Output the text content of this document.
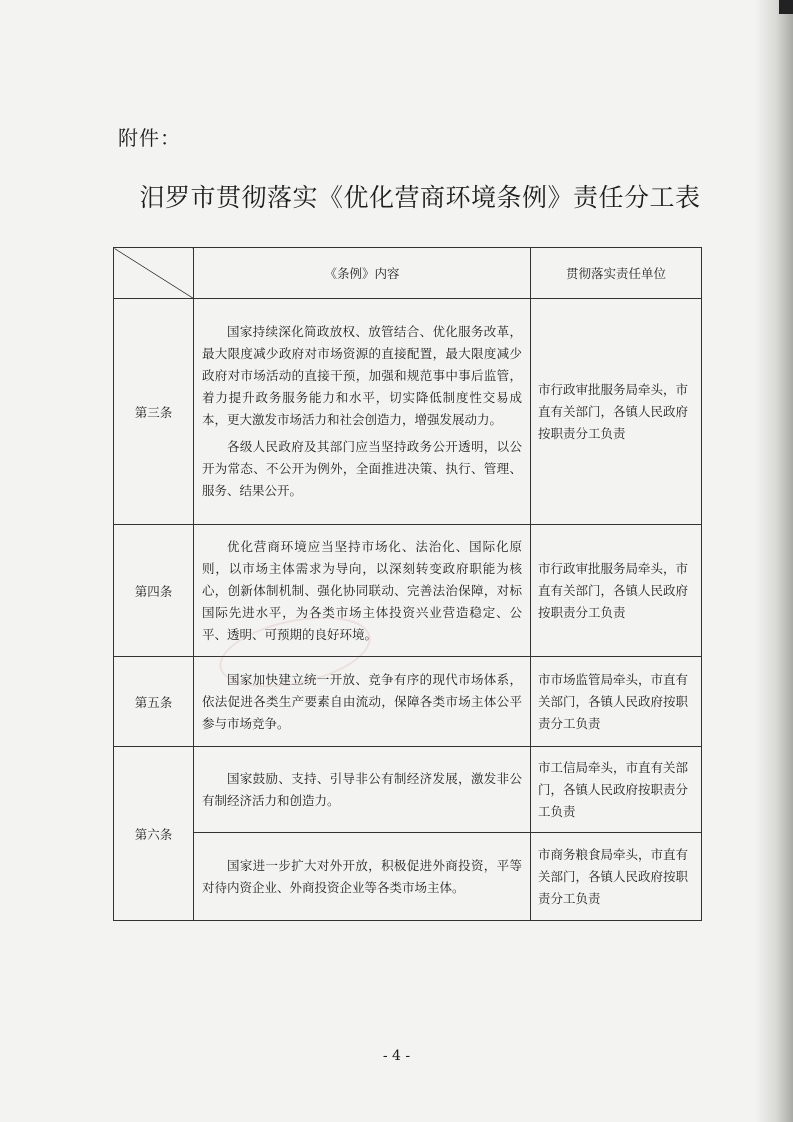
附件：
汨罗市贯彻落实《优化营商环境条例》责任分工表
	《条例》内容	贯彻落实责任单位
第三条	国家持续深化简政放权、放管结合、优化服务改革，最大限度减少政府对市场资源的直接配置，最大限度减少政府对市场活动的直接干预，加强和规范事中事后监管，着力提升政务服务能力和水平，切实降低制度性交易成本，更大激发市场活力和社会创造力，增强发展动力。

各级人民政府及其部门应当坚持政务公开透明，以公开为常态、不公开为例外，全面推进决策、执行、管理、服务、结果公开。	市行政审批服务局牵头，市直有关部门，各镇人民政府按职责分工负责
第四条	优化营商环境应当坚持市场化、法治化、国际化原则，以市场主体需求为导向，以深刻转变政府职能为核心，创新体制机制、强化协同联动、完善法治保障，对标国际先进水平，为各类市场主体投资兴业营造稳定、公平、透明、可预期的良好环境。	市行政审批服务局牵头，市直有关部门，各镇人民政府按职责分工负责
第五条	国家加快建立统一开放、竞争有序的现代市场体系，依法促进各类生产要素自由流动，保障各类市场主体公平参与市场竞争。	市市场监管局牵头，市直有关部门，各镇人民政府按职责分工负责
第六条	国家鼓励、支持、引导非公有制经济发展，激发非公有制经济活力和创造力。	市工信局牵头，市直有关部门，各镇人民政府按职责分工负责

	国家进一步扩大对外开放，积极促进外商投资，平等对待内资企业、外商投资企业等各类市场主体。	市商务粮食局牵头，市直有关部门，各镇人民政府按职责分工负责
- 4 -
